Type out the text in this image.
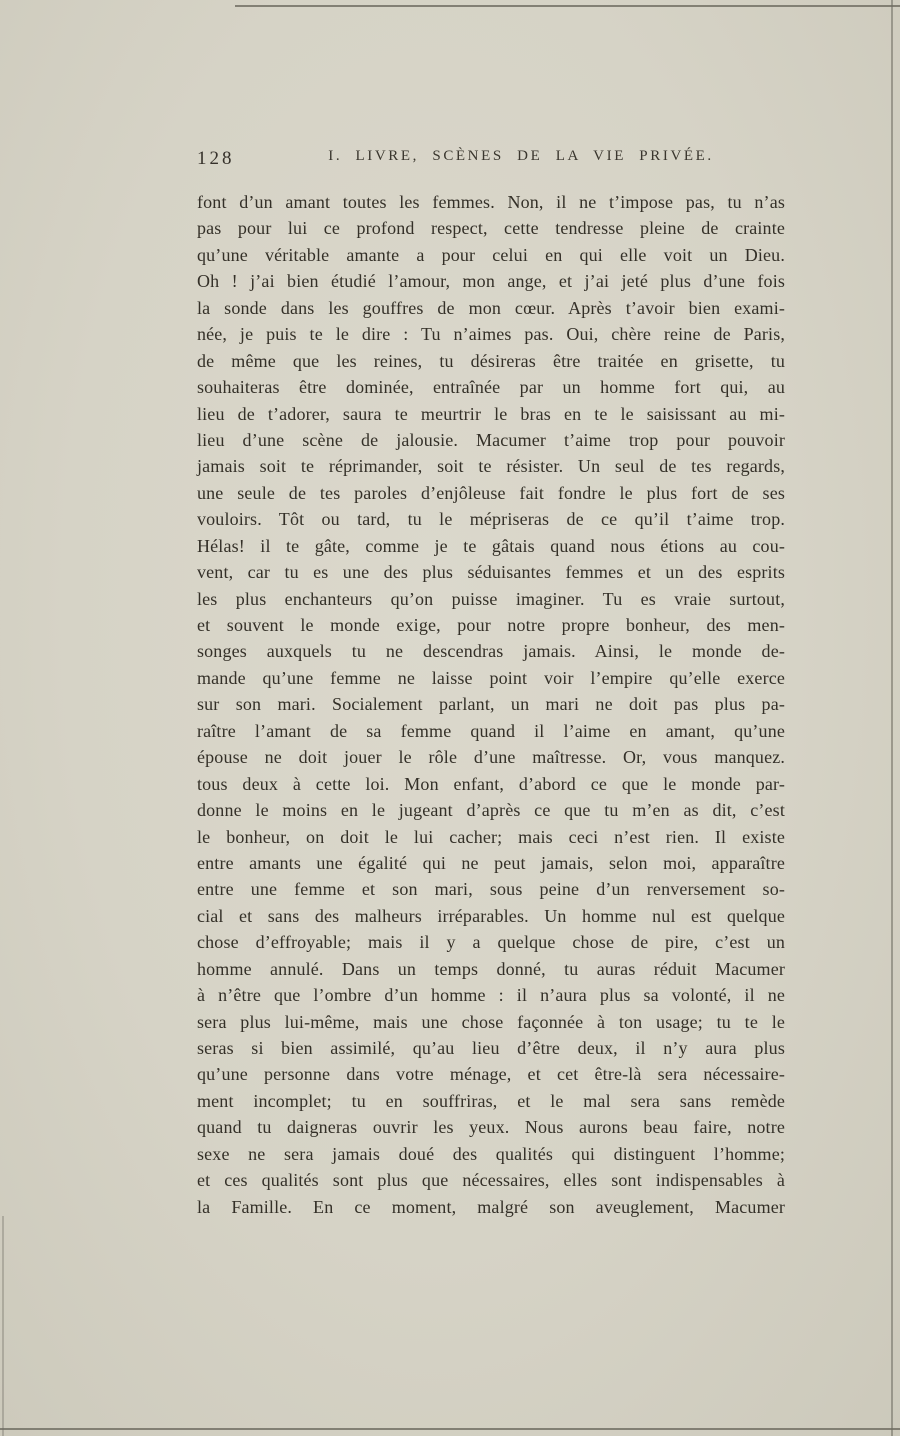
128	I. LIVRE, SCÈNES DE LA VIE PRIVÉE.
font d’un amant toutes les femmes. Non, il ne t’impose pas, tu n’as
pas pour lui ce profond respect, cette tendresse pleine de crainte
qu’une véritable amante a pour celui en qui elle voit un Dieu.
Oh ! j’ai bien étudié l’amour, mon ange, et j’ai jeté plus d’une fois
la sonde dans les gouffres de mon cœur. Après t’avoir bien exami-
née, je puis te le dire : Tu n’aimes pas. Oui, chère reine de Paris,
de même que les reines, tu désireras être traitée en grisette, tu
souhaiteras être dominée, entraînée par un homme fort qui, au
lieu de t’adorer, saura te meurtrir le bras en te le saisissant au mi-
lieu d’une scène de jalousie. Macumer t’aime trop pour pouvoir
jamais soit te réprimander, soit te résister. Un seul de tes regards,
une seule de tes paroles d’enjôleuse fait fondre le plus fort de ses
vouloirs. Tôt ou tard, tu le mépriseras de ce qu’il t’aime trop.
Hélas! il te gâte, comme je te gâtais quand nous étions au cou-
vent, car tu es une des plus séduisantes femmes et un des esprits
les plus enchanteurs qu’on puisse imaginer. Tu es vraie surtout,
et souvent le monde exige, pour notre propre bonheur, des men-
songes auxquels tu ne descendras jamais. Ainsi, le monde de-
mande qu’une femme ne laisse point voir l’empire qu’elle exerce
sur son mari. Socialement parlant, un mari ne doit pas plus pa-
raître l’amant de sa femme quand il l’aime en amant, qu’une
épouse ne doit jouer le rôle d’une maîtresse. Or, vous manquez.
tous deux à cette loi. Mon enfant, d’abord ce que le monde par-
donne le moins en le jugeant d’après ce que tu m’en as dit, c’est
le bonheur, on doit le lui cacher; mais ceci n’est rien. Il existe
entre amants une égalité qui ne peut jamais, selon moi, apparaître
entre une femme et son mari, sous peine d’un renversement so-
cial et sans des malheurs irréparables. Un homme nul est quelque
chose d’effroyable; mais il y a quelque chose de pire, c’est un
homme annulé. Dans un temps donné, tu auras réduit Macumer
à n’être que l’ombre d’un homme : il n’aura plus sa volonté, il ne
sera plus lui-même, mais une chose façonnée à ton usage; tu te le
seras si bien assimilé, qu’au lieu d’être deux, il n’y aura plus
qu’une personne dans votre ménage, et cet être-là sera nécessaire-
ment incomplet; tu en souffriras, et le mal sera sans remède
quand tu daigneras ouvrir les yeux. Nous aurons beau faire, notre
sexe ne sera jamais doué des qualités qui distinguent l’homme;
et ces qualités sont plus que nécessaires, elles sont indispensables à
la Famille. En ce moment, malgré son aveuglement, Macumer
